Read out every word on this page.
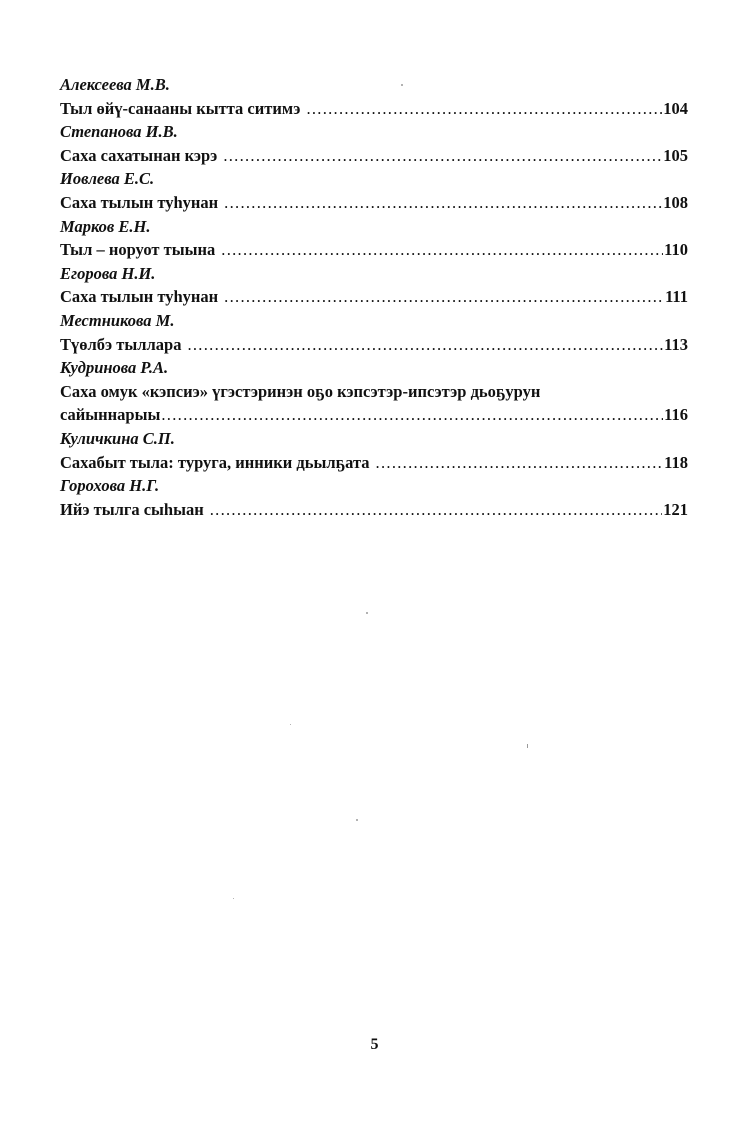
Алексеева М.В.
Тыл өйү-санааны кытта ситимэ .....	104
Степанова И.В.
Саха сахатынан кэрэ .....	105
Иовлева Е.С.
Саха тылын туһунан .....	108
Марков Е.Н.
Тыл – норуот тыына .....	110
Егорова Н.И.
Саха тылын туһунан .....	111
Местникова М.
Түөлбэ тыллара .....	113
Кудринова Р.А.
Саха омук «кэпсиэ» үгэстэринэн оҕо кэпсэтэр-ипсэтэр дьоҕурун
сайыннарыы .....	116
Куличкина С.П.
Сахабыт тыла: туруга, инники дьылҕата .....	118
Горохова Н.Г.
Ийэ тылга сыһыан .....	121
5
